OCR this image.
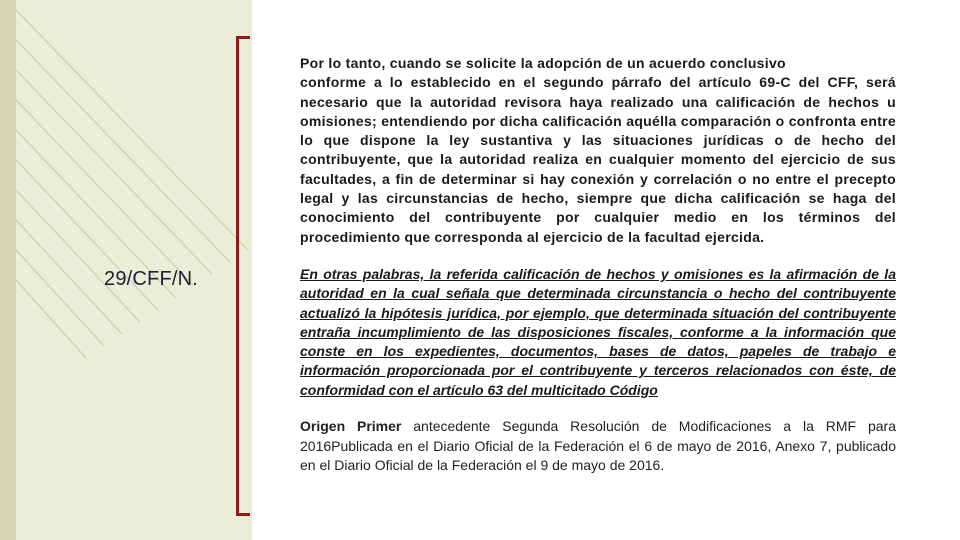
29/CFF/N.

Por lo tanto, cuando se solicite la adopción de un acuerdo conclusivo
conforme a lo establecido en el segundo párrafo del artículo 69-C del CFF, será necesario que la autoridad revisora haya realizado una calificación de hechos u omisiones; entendiendo por dicha calificación aquélla comparación o confronta entre lo que dispone la ley sustantiva y las situaciones jurídicas o de hecho del contribuyente, que la autoridad realiza en cualquier momento del ejercicio de sus facultades, a fin de determinar si hay conexión y correlación o no entre el precepto legal y las circunstancias de hecho, siempre que dicha calificación se haga del conocimiento del contribuyente por cualquier medio en los términos del procedimiento que corresponda al ejercicio de la facultad ejercida.

En otras palabras, la referida calificación de hechos y omisiones es la afirmación de la autoridad en la cual señala que determinada circunstancia o hecho del contribuyente actualizó la hipótesis jurídica, por ejemplo, que determinada situación del contribuyente entraña incumplimiento de las disposiciones fiscales, conforme a la información que conste en los expedientes, documentos, bases de datos, papeles de trabajo e información proporcionada por el contribuyente y terceros relacionados con éste, de conformidad con el artículo 63 del multicitado Código

Origen Primer antecedente Segunda Resolución de Modificaciones a la RMF para 2016Publicada en el Diario Oficial de la Federación el 6 de mayo de 2016, Anexo 7, publicado en el Diario Oficial de la Federación el 9 de mayo de 2016.
